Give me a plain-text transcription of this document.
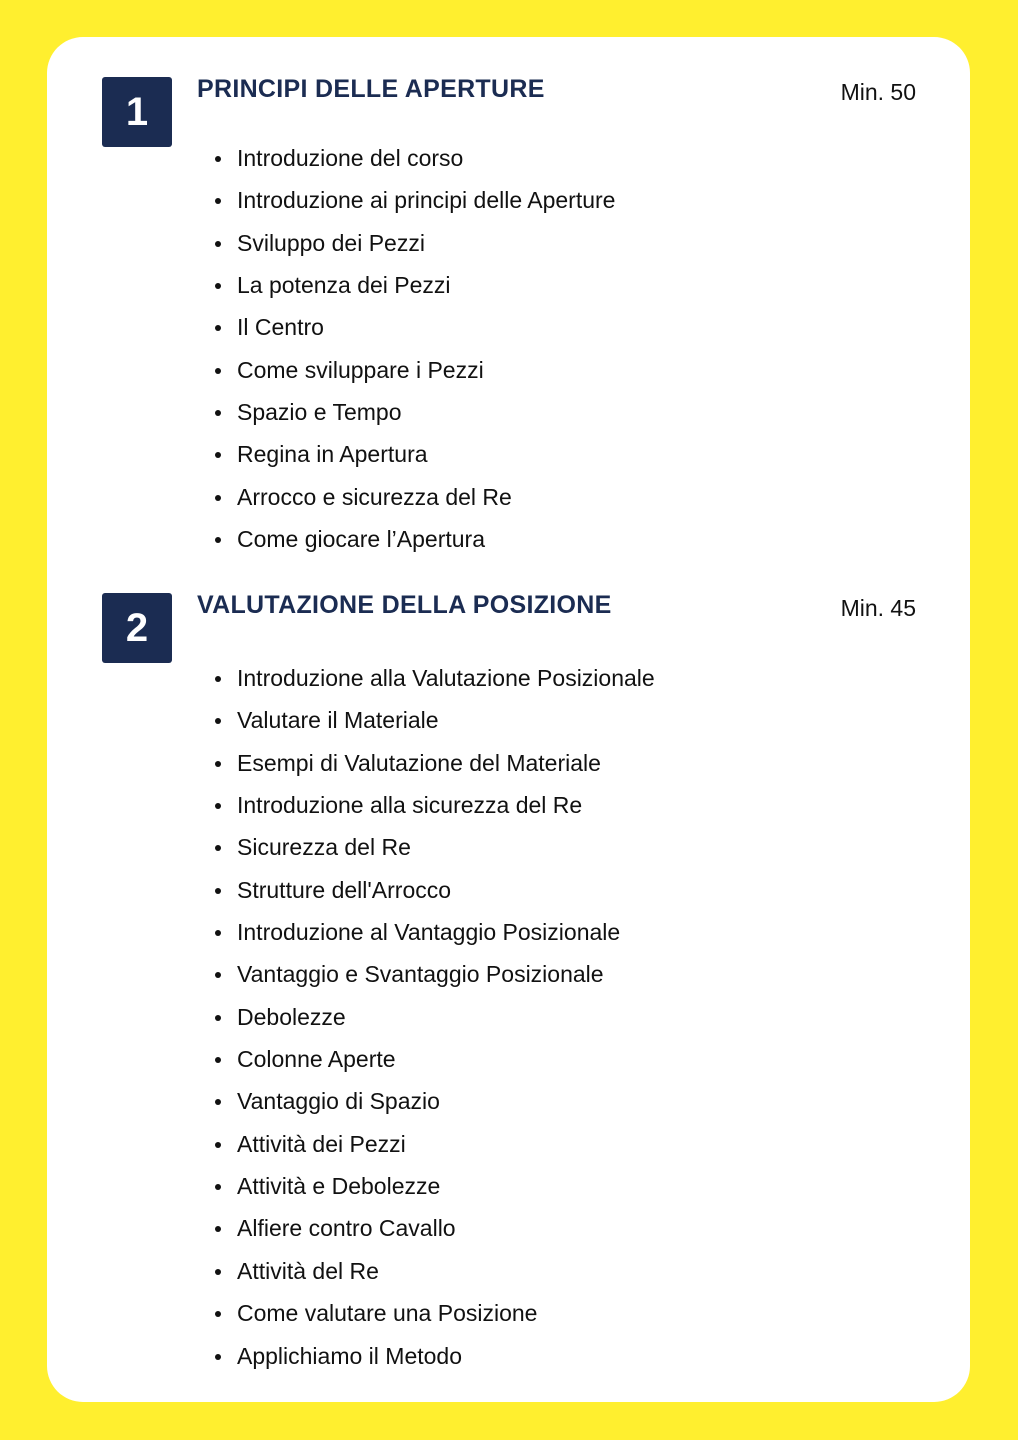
1
PRINCIPI DELLE APERTURE	Min. 50
Introduzione del corso
Introduzione ai principi delle Aperture
Sviluppo dei Pezzi
La potenza dei Pezzi
Il Centro
Come sviluppare i Pezzi
Spazio e Tempo
Regina in Apertura
Arrocco e sicurezza del Re
Come giocare l’Apertura
2
VALUTAZIONE DELLA POSIZIONE	Min. 45
Introduzione alla Valutazione Posizionale
Valutare il Materiale
Esempi di Valutazione del Materiale
Introduzione alla sicurezza del Re
Sicurezza del Re
Strutture dell'Arrocco
Introduzione al Vantaggio Posizionale
Vantaggio e Svantaggio Posizionale
Debolezze
Colonne Aperte
Vantaggio di Spazio
Attività dei Pezzi
Attività e Debolezze
Alfiere contro Cavallo
Attività del Re
Come valutare una Posizione
Applichiamo il Metodo
